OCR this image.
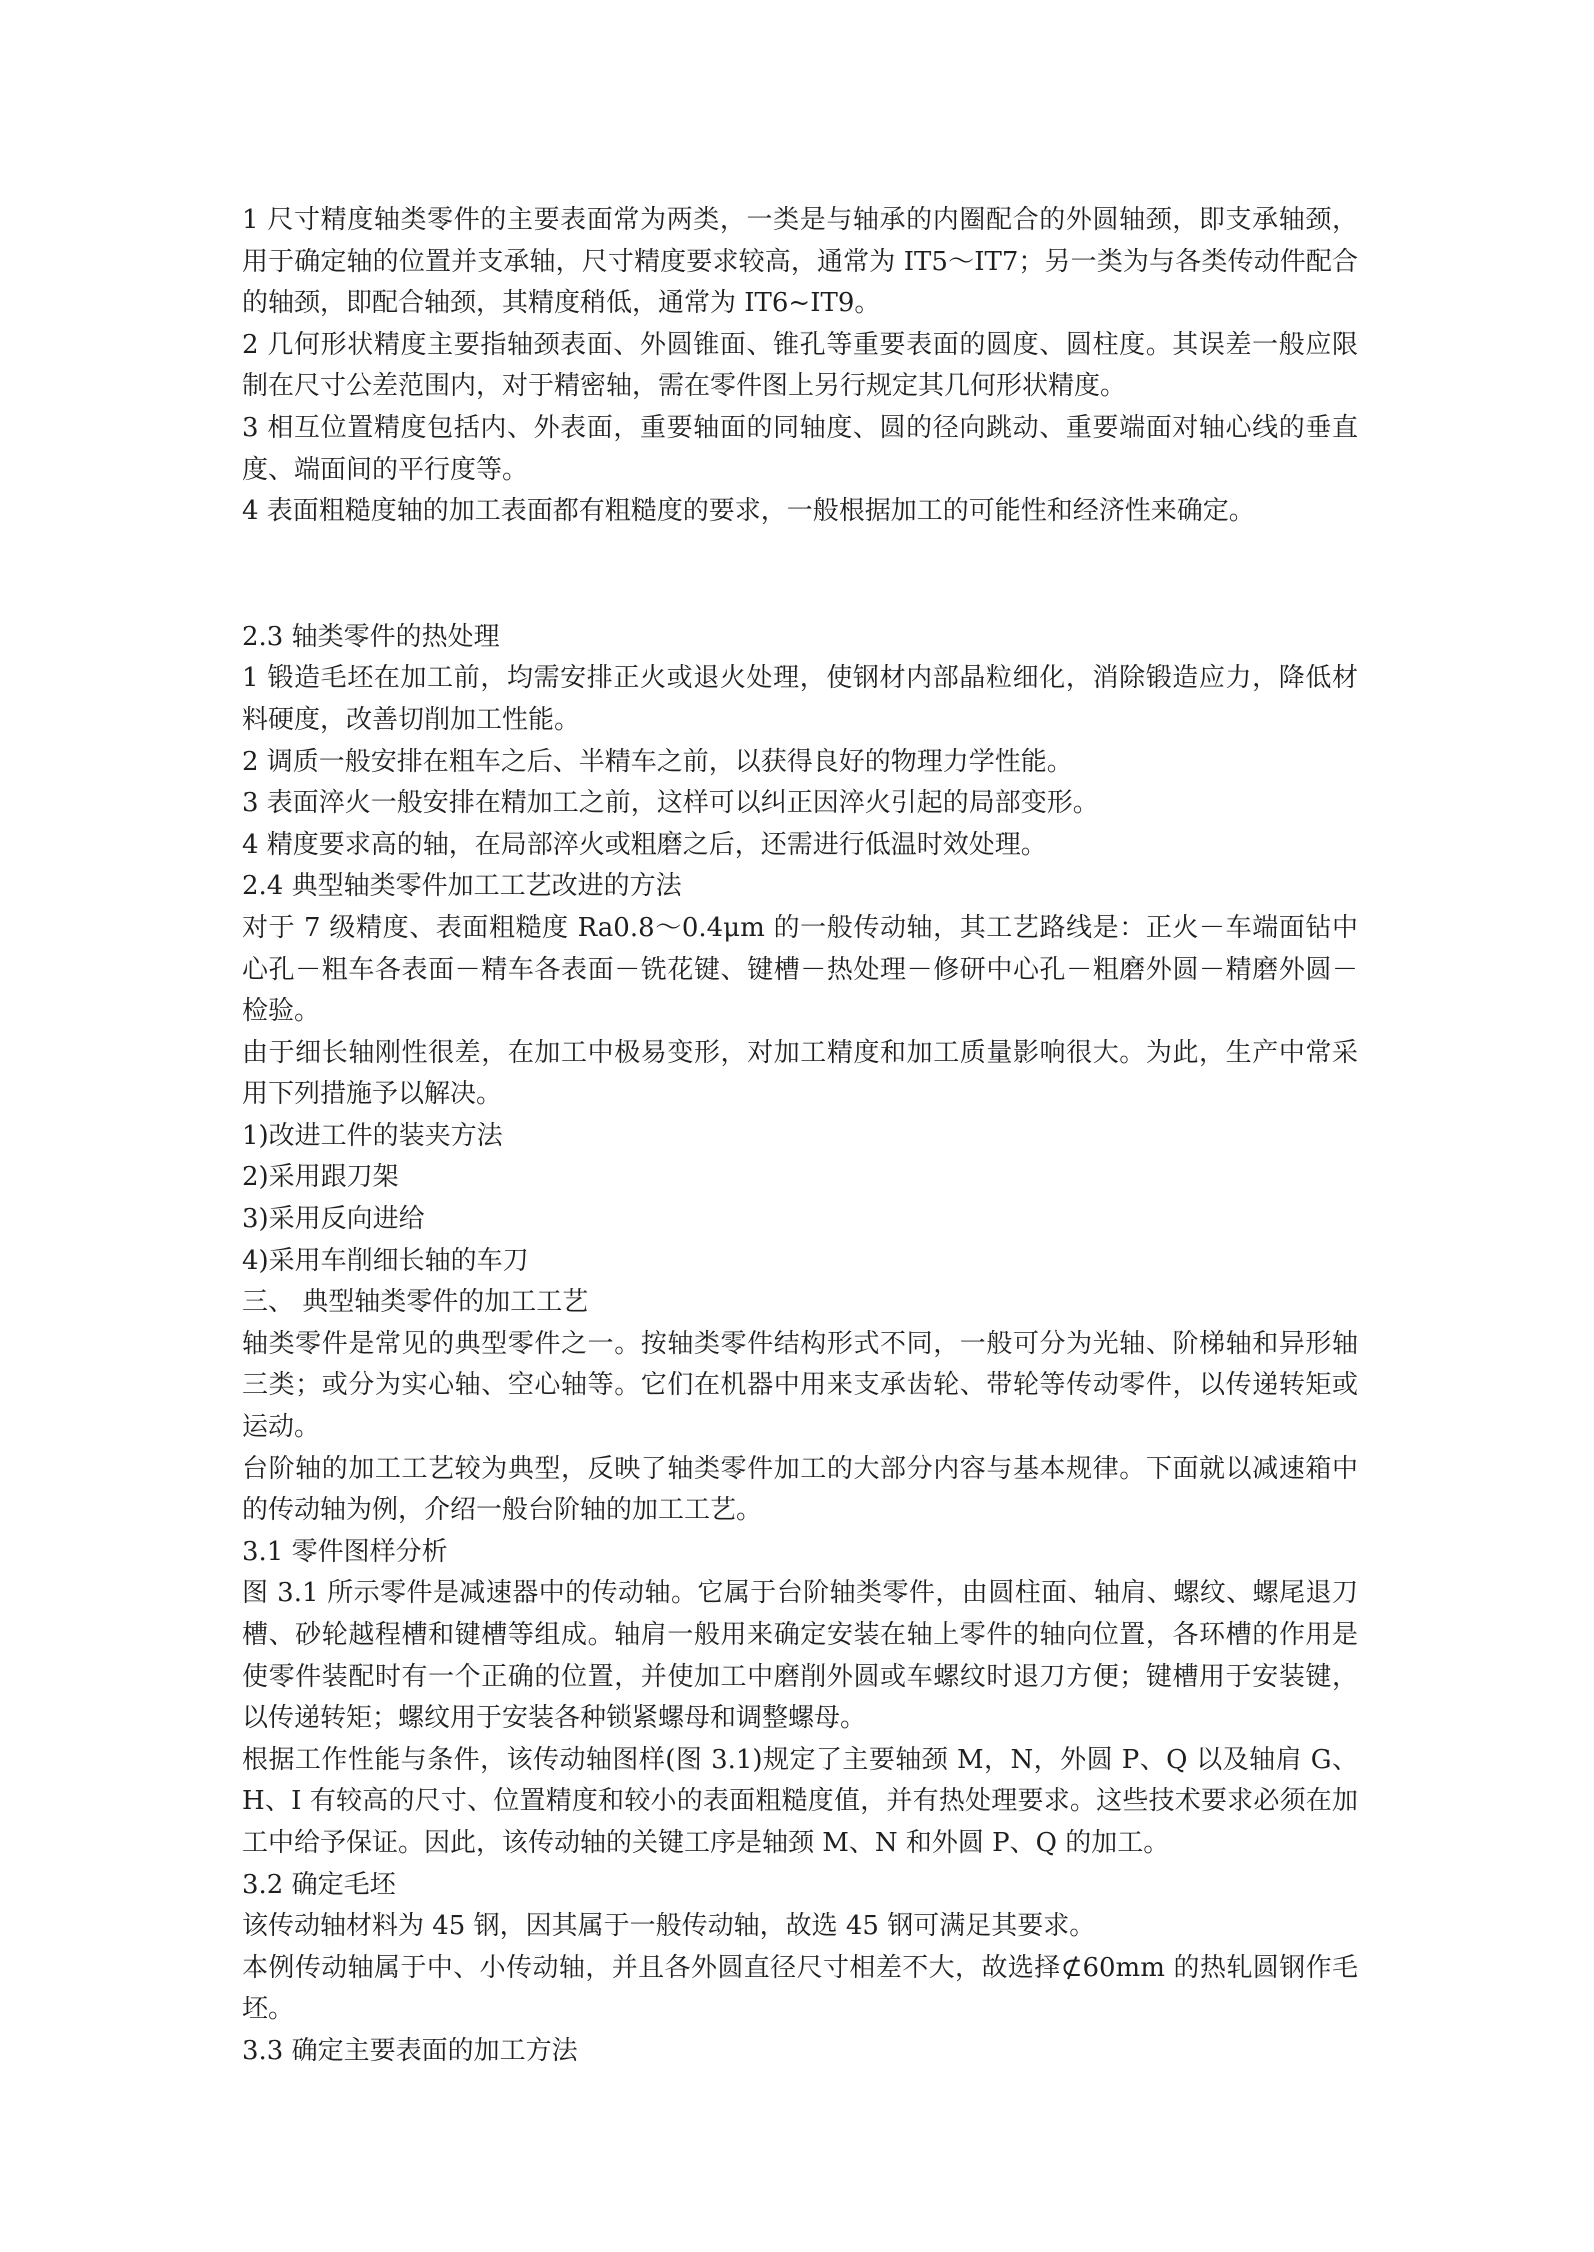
1 尺寸精度轴类零件的主要表面常为两类，一类是与轴承的内圈配合的外圆轴颈，即支承轴颈，用于确定轴的位置并支承轴，尺寸精度要求较高，通常为 IT5～IT7；另一类为与各类传动件配合的轴颈，即配合轴颈，其精度稍低，通常为 IT6~IT9。

2 几何形状精度主要指轴颈表面、外圆锥面、锥孔等重要表面的圆度、圆柱度。其误差一般应限制在尺寸公差范围内，对于精密轴，需在零件图上另行规定其几何形状精度。

3 相互位置精度包括内、外表面，重要轴面的同轴度、圆的径向跳动、重要端面对轴心线的垂直度、端面间的平行度等。

4 表面粗糙度轴的加工表面都有粗糙度的要求，一般根据加工的可能性和经济性来确定。

2.3 轴类零件的热处理

1 锻造毛坯在加工前，均需安排正火或退火处理，使钢材内部晶粒细化，消除锻造应力，降低材料硬度，改善切削加工性能。

2 调质一般安排在粗车之后、半精车之前，以获得良好的物理力学性能。

3 表面淬火一般安排在精加工之前，这样可以纠正因淬火引起的局部变形。

4 精度要求高的轴，在局部淬火或粗磨之后，还需进行低温时效处理。

2.4 典型轴类零件加工工艺改进的方法

对于 7 级精度、表面粗糙度 Ra0.8～0.4μm 的一般传动轴，其工艺路线是：正火－车端面钻中心孔－粗车各表面－精车各表面－铣花键、键槽－热处理－修研中心孔－粗磨外圆－精磨外圆－检验。

由于细长轴刚性很差，在加工中极易变形，对加工精度和加工质量影响很大。为此，生产中常采用下列措施予以解决。

1)改进工件的装夹方法

2)采用跟刀架

3)采用反向进给

4)采用车削细长轴的车刀

三、 典型轴类零件的加工工艺

轴类零件是常见的典型零件之一。按轴类零件结构形式不同，一般可分为光轴、阶梯轴和异形轴三类；或分为实心轴、空心轴等。它们在机器中用来支承齿轮、带轮等传动零件，以传递转矩或运动。

台阶轴的加工工艺较为典型，反映了轴类零件加工的大部分内容与基本规律。下面就以减速箱中的传动轴为例，介绍一般台阶轴的加工工艺。

3.1 零件图样分析

图 3.1 所示零件是减速器中的传动轴。它属于台阶轴类零件，由圆柱面、轴肩、螺纹、螺尾退刀槽、砂轮越程槽和键槽等组成。轴肩一般用来确定安装在轴上零件的轴向位置，各环槽的作用是使零件装配时有一个正确的位置，并使加工中磨削外圆或车螺纹时退刀方便；键槽用于安装键，以传递转矩；螺纹用于安装各种锁紧螺母和调整螺母。

根据工作性能与条件，该传动轴图样(图 3.1)规定了主要轴颈 M，N，外圆 P、Q 以及轴肩 G、H、I 有较高的尺寸、位置精度和较小的表面粗糙度值，并有热处理要求。这些技术要求必须在加工中给予保证。因此，该传动轴的关键工序是轴颈 M、N 和外圆 P、Q 的加工。

3.2 确定毛坯

该传动轴材料为 45 钢，因其属于一般传动轴，故选 45 钢可满足其要求。

本例传动轴属于中、小传动轴，并且各外圆直径尺寸相差不大，故选择⊄60mm 的热轧圆钢作毛坯。

3.3 确定主要表面的加工方法
